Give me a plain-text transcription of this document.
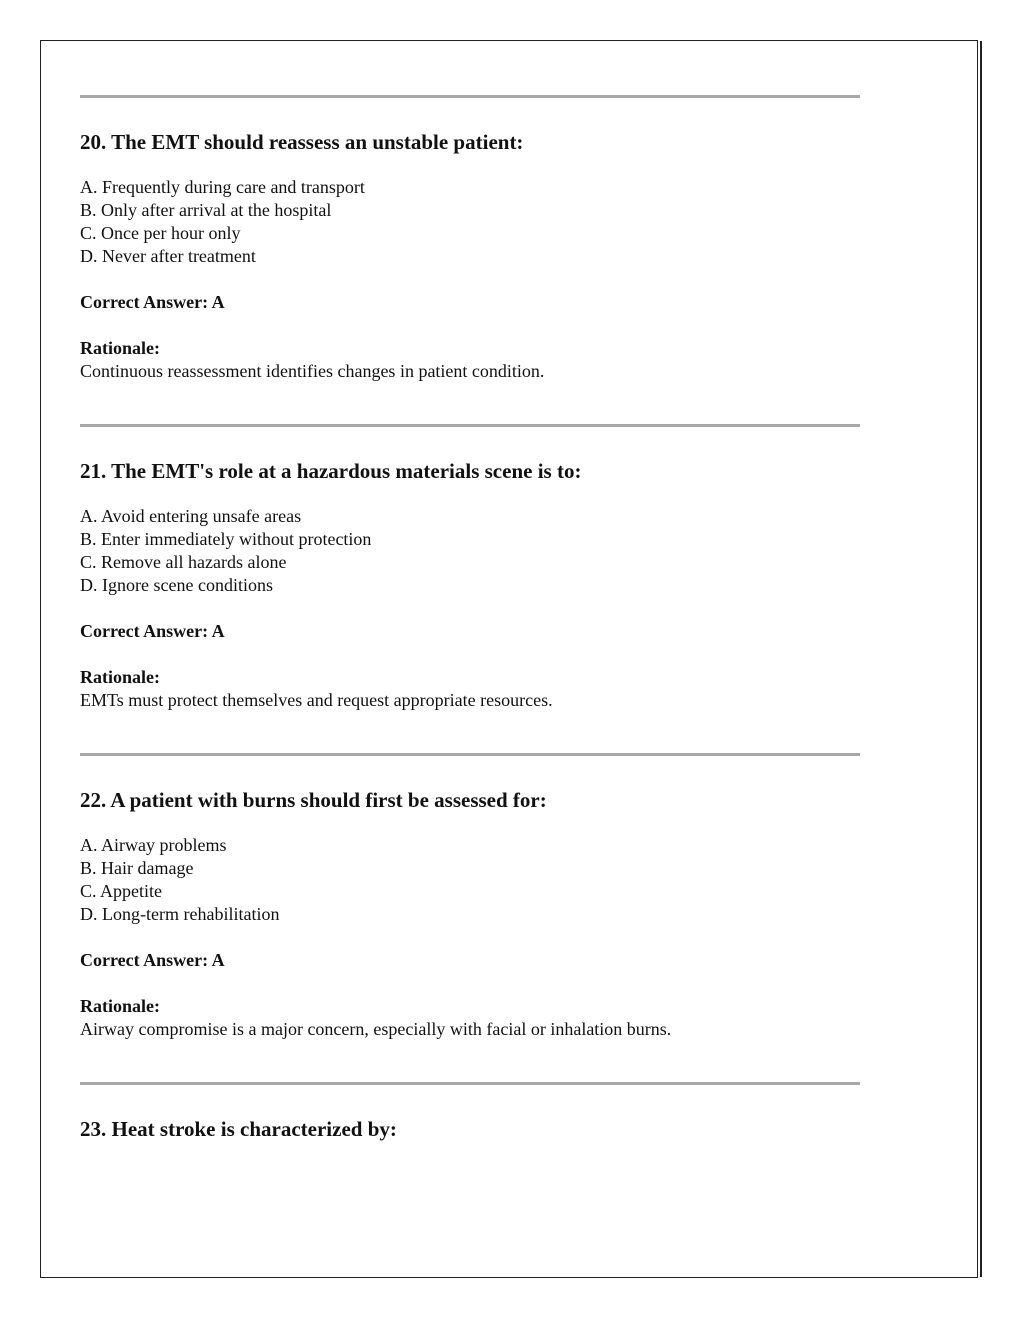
20. The EMT should reassess an unstable patient:
A. Frequently during care and transport
B. Only after arrival at the hospital
C. Once per hour only
D. Never after treatment
Correct Answer: A
Rationale:
Continuous reassessment identifies changes in patient condition.
21. The EMT's role at a hazardous materials scene is to:
A. Avoid entering unsafe areas
B. Enter immediately without protection
C. Remove all hazards alone
D. Ignore scene conditions
Correct Answer: A
Rationale:
EMTs must protect themselves and request appropriate resources.
22. A patient with burns should first be assessed for:
A. Airway problems
B. Hair damage
C. Appetite
D. Long-term rehabilitation
Correct Answer: A
Rationale:
Airway compromise is a major concern, especially with facial or inhalation burns.
23. Heat stroke is characterized by:
